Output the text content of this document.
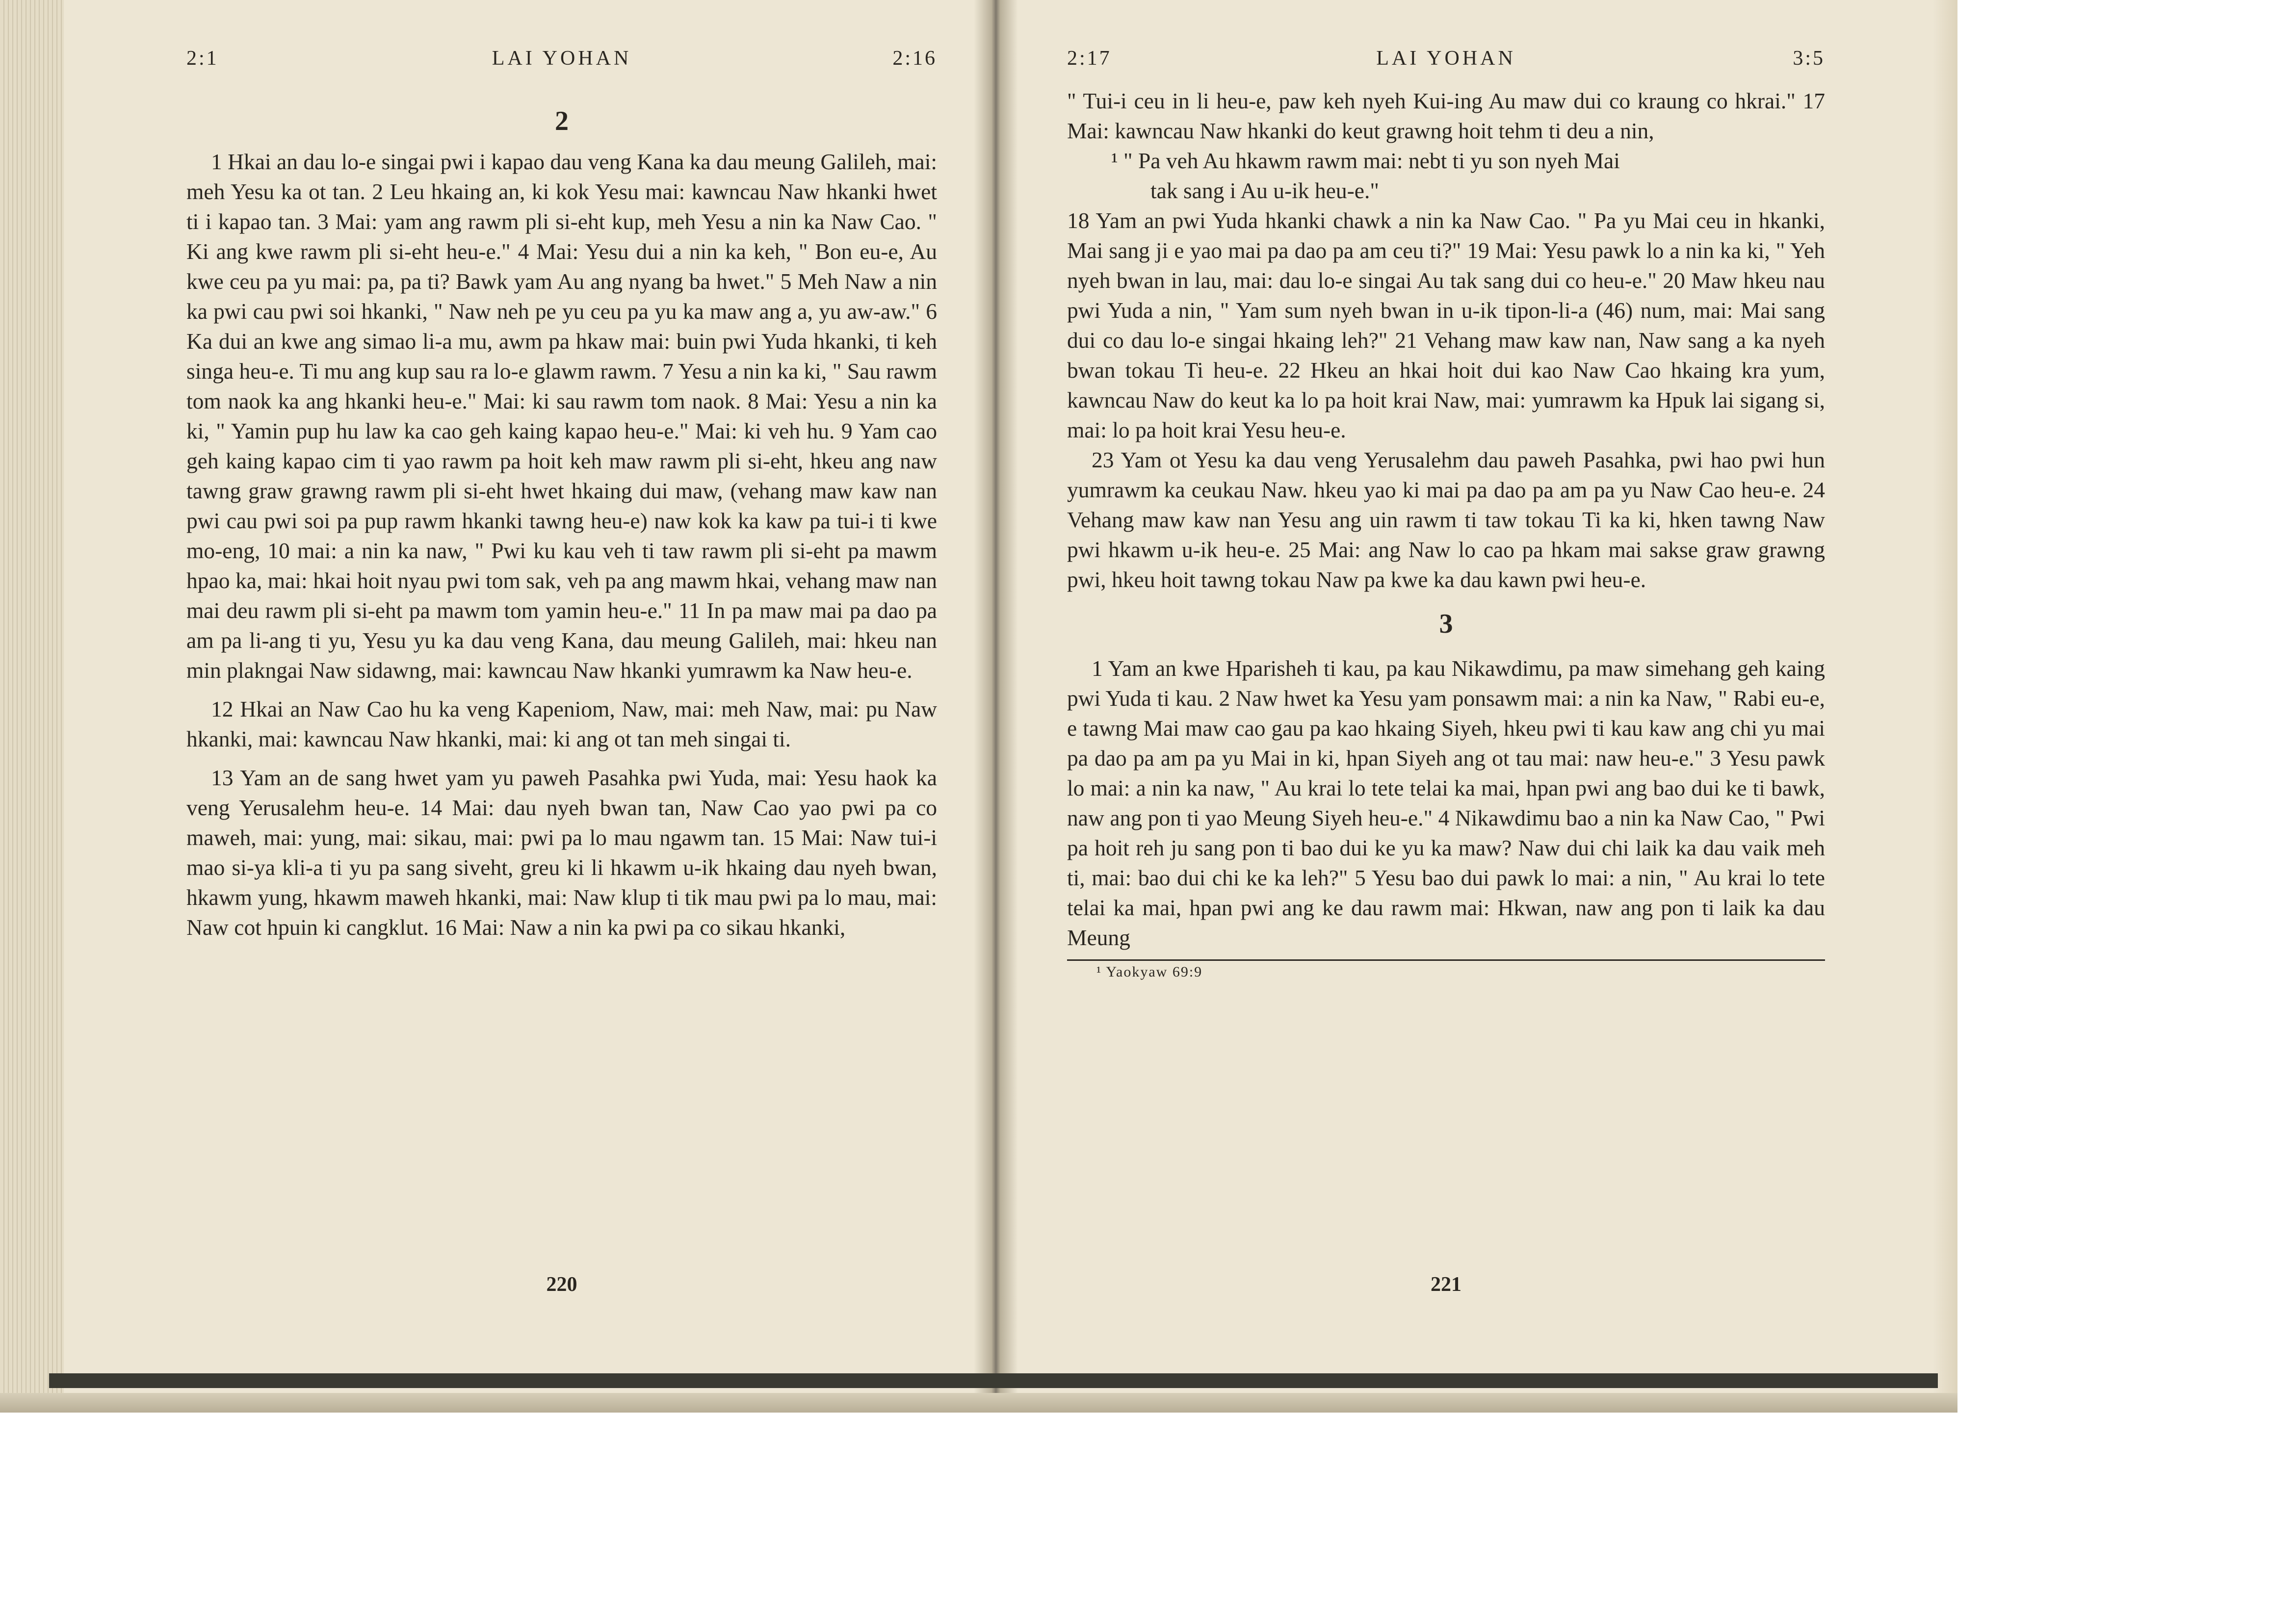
2:1	LAI YOHAN	2:16
2

1 Hkai an dau lo-e singai pwi i kapao dau veng Kana ka dau meung Galileh, mai: meh Yesu ka ot tan. 2 Leu hkaing an, ki kok Yesu mai: kawncau Naw hkanki hwet ti i kapao tan. 3 Mai: yam ang rawm pli si-eht kup, meh Yesu a nin ka Naw Cao. " Ki ang kwe rawm pli si-eht heu-e." 4 Mai: Yesu dui a nin ka keh, " Bon eu-e, Au kwe ceu pa yu mai: pa, pa ti? Bawk yam Au ang nyang ba hwet." 5 Meh Naw a nin ka pwi cau pwi soi hkanki, " Naw neh pe yu ceu pa yu ka maw ang a, yu aw-aw." 6 Ka dui an kwe ang simao li-a mu, awm pa hkaw mai: buin pwi Yuda hkanki, ti keh singa heu-e. Ti mu ang kup sau ra lo-e glawm rawm. 7 Yesu a nin ka ki, " Sau rawm tom naok ka ang hkanki heu-e." Mai: ki sau rawm tom naok. 8 Mai: Yesu a nin ka ki, " Yamin pup hu law ka cao geh kaing kapao heu-e." Mai: ki veh hu. 9 Yam cao geh kaing kapao cim ti yao rawm pa hoit keh maw rawm pli si-eht, hkeu ang naw tawng graw grawng rawm pli si-eht hwet hkaing dui maw, (vehang maw kaw nan pwi cau pwi soi pa pup rawm hkanki tawng heu-e) naw kok ka kaw pa tui-i ti kwe mo-eng, 10 mai: a nin ka naw, " Pwi ku kau veh ti taw rawm pli si-eht pa mawm hpao ka, mai: hkai hoit nyau pwi tom sak, veh pa ang mawm hkai, vehang maw nan mai deu rawm pli si-eht pa mawm tom yamin heu-e." 11 In pa maw mai pa dao pa am pa li-ang ti yu, Yesu yu ka dau veng Kana, dau meung Galileh, mai: hkeu nan min plakngai Naw sidawng, mai: kawncau Naw hkanki yumrawm ka Naw heu-e.

12 Hkai an Naw Cao hu ka veng Kapeniom, Naw, mai: meh Naw, mai: pu Naw hkanki, mai: kawncau Naw hkanki, mai: ki ang ot tan meh singai ti.

13 Yam an de sang hwet yam yu paweh Pasahka pwi Yuda, mai: Yesu haok ka veng Yerusalehm heu-e. 14 Mai: dau nyeh bwan tan, Naw Cao yao pwi pa co maweh, mai: yung, mai: sikau, mai: pwi pa lo mau ngawm tan. 15 Mai: Naw tui-i mao si-ya kli-a ti yu pa sang siveht, greu ki li hkawm u-ik hkaing dau nyeh bwan, hkawm yung, hkawm maweh hkanki, mai: Naw klup ti tik mau pwi pa lo mau, mai: Naw cot hpuin ki cangklut. 16 Mai: Naw a nin ka pwi pa co sikau hkanki,

220
2:17	LAI YOHAN	3:5

" Tui-i ceu in li heu-e, paw keh nyeh Kui-ing Au maw dui co kraung co hkrai." 17 Mai: kawncau Naw hkanki do keut grawng hoit tehm ti deu a nin,

¹ " Pa veh Au hkawm rawm mai: nebt ti yu son nyeh Mai
tak sang i Au u-ik heu-e."

18 Yam an pwi Yuda hkanki chawk a nin ka Naw Cao. " Pa yu Mai ceu in hkanki, Mai sang ji e yao mai pa dao pa am ceu ti?" 19 Mai: Yesu pawk lo a nin ka ki, " Yeh nyeh bwan in lau, mai: dau lo-e singai Au tak sang dui co heu-e." 20 Maw hkeu nau pwi Yuda a nin, " Yam sum nyeh bwan in u-ik tipon-li-a (46) num, mai: Mai sang dui co dau lo-e singai hkaing leh?" 21 Vehang maw kaw nan, Naw sang a ka nyeh bwan tokau Ti heu-e. 22 Hkeu an hkai hoit dui kao Naw Cao hkaing kra yum, kawncau Naw do keut ka lo pa hoit krai Naw, mai: yumrawm ka Hpuk lai sigang si, mai: lo pa hoit krai Yesu heu-e.

23 Yam ot Yesu ka dau veng Yerusalehm dau paweh Pasahka, pwi hao pwi hun yumrawm ka ceukau Naw. hkeu yao ki mai pa dao pa am pa yu Naw Cao heu-e. 24 Vehang maw kaw nan Yesu ang uin rawm ti taw tokau Ti ka ki, hken tawng Naw pwi hkawm u-ik heu-e. 25 Mai: ang Naw lo cao pa hkam mai sakse graw grawng pwi, hkeu hoit tawng tokau Naw pa kwe ka dau kawn pwi heu-e.

3

1 Yam an kwe Hparisheh ti kau, pa kau Nikawdimu, pa maw simehang geh kaing pwi Yuda ti kau. 2 Naw hwet ka Yesu yam ponsawm mai: a nin ka Naw, " Rabi eu-e, e tawng Mai maw cao gau pa kao hkaing Siyeh, hkeu pwi ti kau kaw ang chi yu mai pa dao pa am pa yu Mai in ki, hpan Siyeh ang ot tau mai: naw heu-e." 3 Yesu pawk lo mai: a nin ka naw, " Au krai lo tete telai ka mai, hpan pwi ang bao dui ke ti bawk, naw ang pon ti yao Meung Siyeh heu-e." 4 Nikawdimu bao a nin ka Naw Cao, " Pwi pa hoit reh ju sang pon ti bao dui ke yu ka maw? Naw dui chi laik ka dau vaik meh ti, mai: bao dui chi ke ka leh?" 5 Yesu bao dui pawk lo mai: a nin, " Au krai lo tete telai ka mai, hpan pwi ang ke dau rawm mai: Hkwan, naw ang pon ti laik ka dau Meung

¹ Yaokyaw 69:9
221
